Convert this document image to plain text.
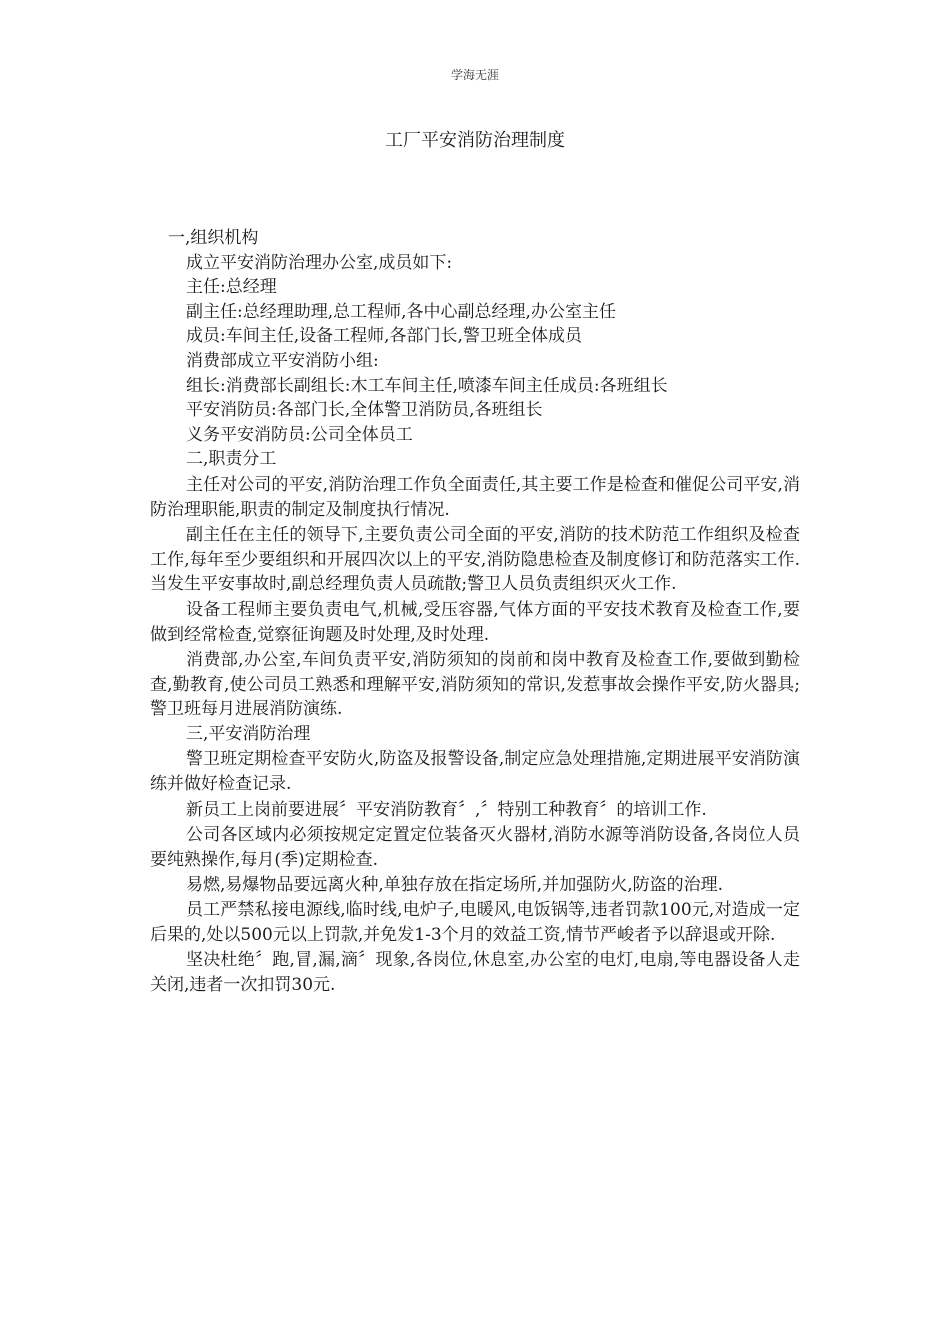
学海无涯
工厂平安消防治理制度

一,组织机构

成立平安消防治理办公室,成员如下:

主任:总经理

副主任:总经理助理,总工程师,各中心副总经理,办公室主任

成员:车间主任,设备工程师,各部门长,警卫班全体成员

消费部成立平安消防小组:

组长:消费部长副组长:木工车间主任,喷漆车间主任成员:各班组长

平安消防员:各部门长,全体警卫消防员,各班组长

义务平安消防员:公司全体员工

二,职责分工

主任对公司的平安,消防治理工作负全面责任,其主要工作是检查和催促公司平安,消防治理职能,职责的制定及制度执行情况.

副主任在主任的领导下,主要负责公司全面的平安,消防的技术防范工作组织及检查工作,每年至少要组织和开展四次以上的平安,消防隐患检查及制度修订和防范落实工作.当发生平安事故时,副总经理负责人员疏散;警卫人员负责组织灭火工作.

设备工程师主要负责电气,机械,受压容器,气体方面的平安技术教育及检查工作,要做到经常检查,觉察征询题及时处理,及时处理.

消费部,办公室,车间负责平安,消防须知的岗前和岗中教育及检查工作,要做到勤检查,勤教育,使公司员工熟悉和理解平安,消防须知的常识,发惹事故会操作平安,防火器具;警卫班每月进展消防演练.

三,平安消防治理

警卫班定期检查平安防火,防盗及报警设备,制定应急处理措施,定期进展平安消防演练并做好检查记录.

新员工上岗前要进展〞平安消防教育〞,〞特别工种教育〞的培训工作.

公司各区域内必须按规定定置定位装备灭火器材,消防水源等消防设备,各岗位人员要纯熟操作,每月(季)定期检查.

易燃,易爆物品要远离火种,单独存放在指定场所,并加强防火,防盗的治理.

员工严禁私接电源线,临时线,电炉子,电暖风,电饭锅等,违者罚款100元,对造成一定后果的,处以500元以上罚款,并免发1-3个月的效益工资,情节严峻者予以辞退或开除.

坚决杜绝〞跑,冒,漏,滴〞现象,各岗位,休息室,办公室的电灯,电扇,等电器设备人走关闭,违者一次扣罚30元.
